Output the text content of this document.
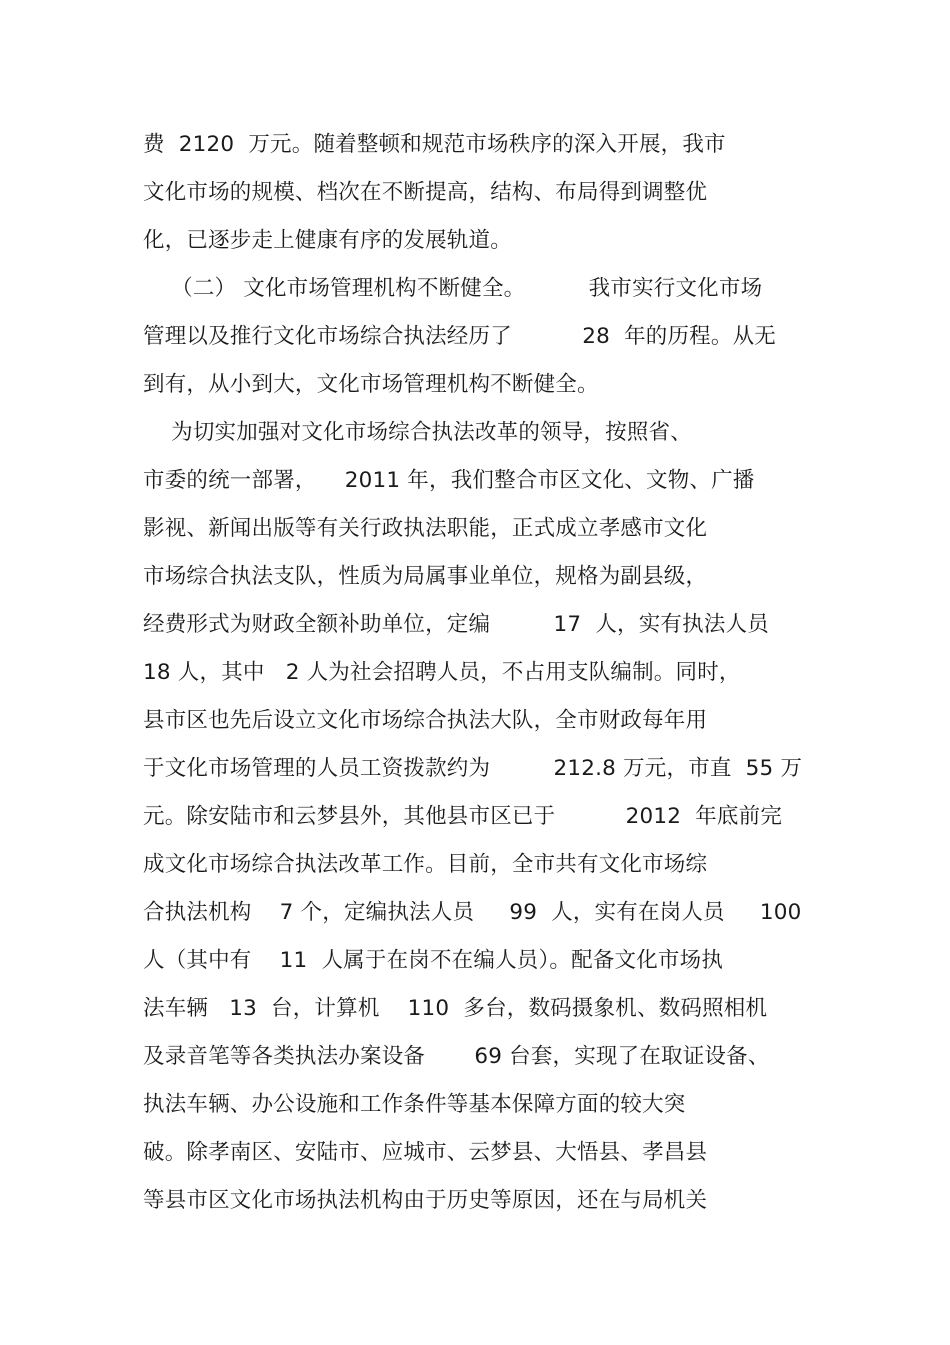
费  2120  万元。随着整顿和规范市场秩序的深入开展，我市
文化市场的规模、档次在不断提高，结构、布局得到调整优
化，已逐步走上健康有序的发展轨道。
（二） 文化市场管理机构不断健全。         我市实行文化市场
管理以及推行文化市场综合执法经历了          28  年的历程。从无
到有，从小到大，文化市场管理机构不断健全。
为切实加强对文化市场综合执法改革的领导，按照省、
市委的统一部署，    2011 年，我们整合市区文化、文物、广播
影视、新闻出版等有关行政执法职能，正式成立孝感市文化
市场综合执法支队，性质为局属事业单位，规格为副县级，
经费形式为财政全额补助单位，定编         17  人，实有执法人员
18 人，其中   2 人为社会招聘人员，不占用支队编制。同时，
县市区也先后设立文化市场综合执法大队，全市财政每年用
于文化市场管理的人员工资拨款约为         212.8 万元，市直  55 万
元。除安陆市和云梦县外，其他县市区已于          2012  年底前完
成文化市场综合执法改革工作。目前，全市共有文化市场综
合执法机构    7 个，定编执法人员     99  人，实有在岗人员     100
人（其中有    11  人属于在岗不在编人员）。配备文化市场执
法车辆   13  台，计算机    110  多台，数码摄象机、数码照相机
及录音笔等各类执法办案设备       69 台套，实现了在取证设备、
执法车辆、办公设施和工作条件等基本保障方面的较大突
破。除孝南区、安陆市、应城市、云梦县、大悟县、孝昌县
等县市区文化市场执法机构由于历史等原因，还在与局机关
